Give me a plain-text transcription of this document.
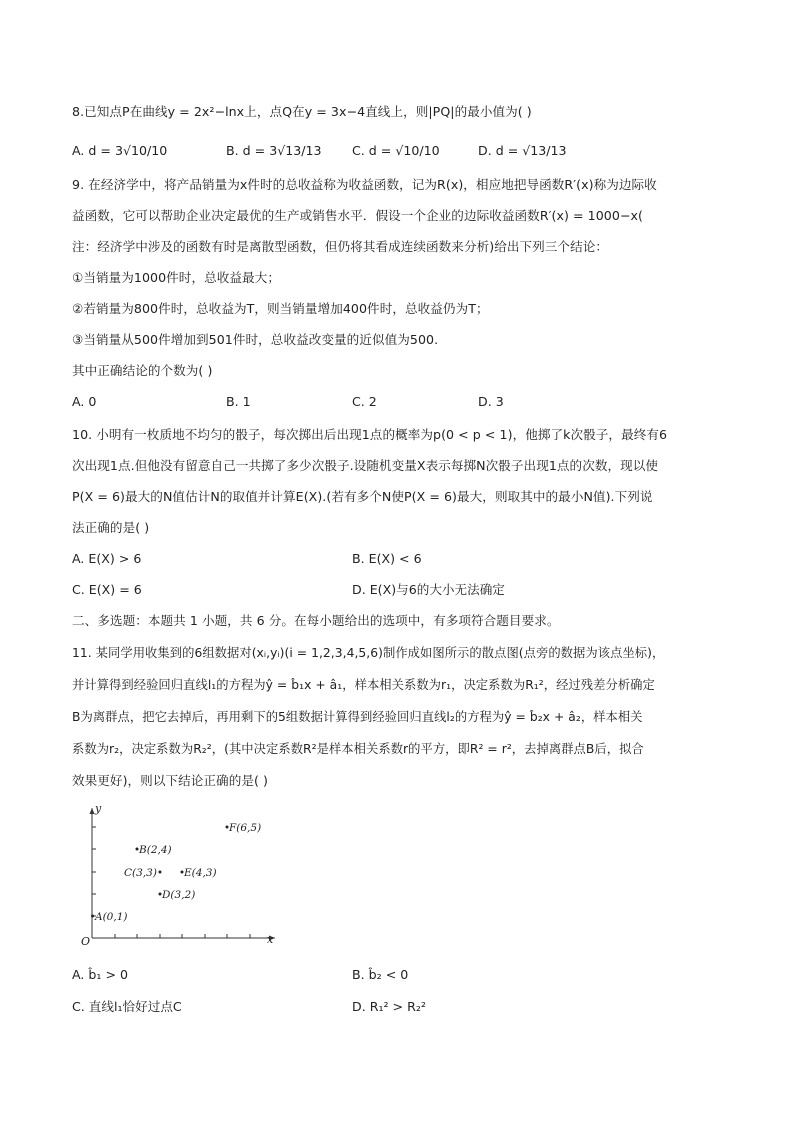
8.已知点P在曲线y = 2x²−lnx上，点Q在y = 3x−4直线上，则|PQ|的最小值为( )
A. d = 3√10/10	B. d = 3√13/13 C. d = √10/10	D. d = √13/13
9. 在经济学中，将产品销量为x件时的总收益称为收益函数，记为R(x)，相应地把导函数R′(x)称为边际收
益函数，它可以帮助企业决定最优的生产或销售水平．假设一个企业的边际收益函数R′(x) = 1000−x(
注：经济学中涉及的函数有时是离散型函数，但仍将其看成连续函数来分析)给出下列三个结论：
①当销量为1000件时，总收益最大；
②若销量为800件时，总收益为T，则当销量增加400件时，总收益仍为T；
③当销量从500件增加到501件时，总收益改变量的近似值为500.
其中正确结论的个数为( )
A. 0	B. 1	C. 2	D. 3
10. 小明有一枚质地不均匀的骰子，每次掷出后出现1点的概率为p(0 < p < 1)，他掷了k次骰子，最终有6
次出现1点.但他没有留意自己一共掷了多少次骰子.设随机变量X表示每掷N次骰子出现1点的次数，现以使
P(X = 6)最大的N值估计N的取值并计算E(X).(若有多个N使P(X = 6)最大，则取其中的最小N值).下列说
法正确的是( )
A. E(X) > 6	B. E(X) < 6
C. E(X) = 6	D. E(X)与6的大小无法确定
二、多选题：本题共 1 小题，共 6 分。在每小题给出的选项中，有多项符合题目要求。
11. 某同学用收集到的6组数据对(xᵢ,yᵢ)(i = 1,2,3,4,5,6)制作成如图所示的散点图(点旁的数据为该点坐标)，
并计算得到经验回归直线l₁的方程为ŷ = b̂₁x + â₁，样本相关系数为r₁，决定系数为R₁²，经过残差分析确定
B为离群点，把它去掉后，再用剩下的5组数据计算得到经验回归直线l₂的方程为ŷ = b̂₂x + â₂，样本相关
系数为r₂，决定系数为R₂²，(其中决定系数R²是样本相关系数r的平方，即R² = r²，去掉离群点B后，拟合
效果更好)，则以下结论正确的是( )
x
y
O
A(0,1)
B(2,4)
C(3,3)
D(3,2)
E(4,3)
F(6,5)
A. b̂₁ > 0	B. b̂₂ < 0
C. 直线l₁恰好过点C	D. R₁² > R₂²
